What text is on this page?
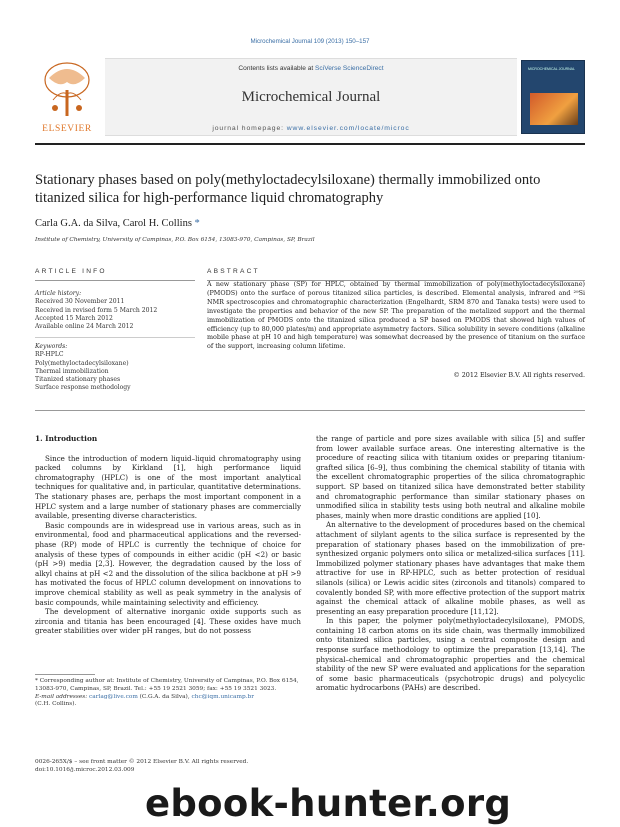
Microchemical Journal 109 (2013) 150–157
ELSEVIER
Contents lists available at SciVerse ScienceDirect
Microchemical Journal
journal homepage: www.elsevier.com/locate/microc
MICROCHEMICAL JOURNAL
Stationary phases based on poly(methyloctadecylsiloxane) thermally immobilized onto titanized silica for high-performance liquid chromatography
Carla G.A. da Silva, Carol H. Collins *
Institute of Chemistry, University of Campinas, P.O. Box 6154, 13083-970, Campinas, SP, Brazil
ARTICLE INFO	ABSTRACT
Article history:
Received 30 November 2011
Received in revised form 5 March 2012
Accepted 15 March 2012
Available online 24 March 2012
Keywords:
RP-HPLC
Poly(methyloctadecylsiloxane)
Thermal immobilization
Titanized stationary phases
Surface response methodology
A new stationary phase (SP) for HPLC, obtained by thermal immobilization of poly(methyloctadecylsiloxane) (PMODS) onto the surface of porous titanized silica particles, is described. Elemental analysis, infrared and ²⁹Si NMR spectroscopies and chromatographic characterization (Engelhardt, SRM 870 and Tanaka tests) were used to investigate the properties and behavior of the new SP. The preparation of the metalized support and the thermal immobilization of PMODS onto the titanized silica produced a SP based on PMODS that showed high values of efficiency (up to 80,000 plates/m) and appropriate asymmetry factors. Silica solubility in severe conditions (alkaline mobile phase at pH 10 and high temperature) was somewhat decreased by the presence of titanium on the surface of the support, increasing column lifetime.
© 2012 Elsevier B.V. All rights reserved.
1. Introduction

Since the introduction of modern liquid–liquid chromatography using packed columns by Kirkland [1], high performance liquid chromatography (HPLC) is one of the most important analytical techniques for qualitative and, in particular, quantitative determinations. The stationary phases are, perhaps the most important component in a HPLC system and a large number of stationary phases are commercially available, presenting diverse characteristics.

Basic compounds are in widespread use in various areas, such as in environmental, food and pharmaceutical applications and the reversed-phase (RP) mode of HPLC is currently the technique of choice for analysis of these types of compounds in either acidic (pH <2) or basic (pH >9) media [2,3]. However, the degradation caused by the loss of alkyl chains at pH <2 and the dissolution of the silica backbone at pH >9 has motivated the focus of HPLC column development on innovations to improve chemical stability as well as peak symmetry in the analysis of basic compounds, while maintaining selectivity and efficiency.

The development of alternative inorganic oxide supports such as zirconia and titania has been encouraged [4]. These oxides have much greater stabilities over wider pH ranges, but do not possess

the range of particle and pore sizes available with silica [5] and suffer from lower available surface areas. One interesting alternative is the procedure of reacting silica with titanium oxides or preparing titanium-grafted silica [6–9], thus combining the chemical stability of titania with the excellent chromatographic properties of the silica chromatographic support. SP based on titanized silica have demonstrated better stability and chromatographic performance than similar stationary phases on unmodified silica in stability tests using both neutral and alkaline mobile phases, mainly when more drastic conditions are applied [10].

An alternative to the development of procedures based on the chemical attachment of silylant agents to the silica surface is represented by the preparation of stationary phases based on the immobilization of pre-synthesized organic polymers onto silica or metalized-silica surfaces [11]. Immobilized polymer stationary phases have advantages that make them attractive for use in RP-HPLC, such as better protection of residual silanols (silica) or Lewis acidic sites (zirconols and titanols) compared to covalently bonded SP, with more effective protection of the support matrix against the chemical attack of alkaline mobile phases, as well as presenting an easy preparation procedure [11,12].

In this paper, the polymer poly(methyloctadecylsiloxane), PMODS, containing 18 carbon atoms on its side chain, was thermally immobilized onto titanized silica particles, using a central composite design and response surface methodology to optimize the preparation [13,14]. The physical–chemical and chromatographic properties and the chemical stability of the new SP were evaluated and applications for the separation of some basic pharmaceuticals (psychotropic drugs) and polycyclic aromatic hydrocarbons (PAHs) are described.

* Corresponding author at: Institute of Chemistry, University of Campinas, P.O. Box 6154, 13083-970, Campinas, SP, Brazil. Tel.: +55 19 2521 3059; fax: +55 19 3521 3023.
E-mail addresses: carlag@live.com (C.G.A. da Silva), chc@iqm.unicamp.br
(C.H. Collins).
0026-265X/$ – see front matter © 2012 Elsevier B.V. All rights reserved.
doi:10.1016/j.microc.2012.03.009
ebook-hunter.org
